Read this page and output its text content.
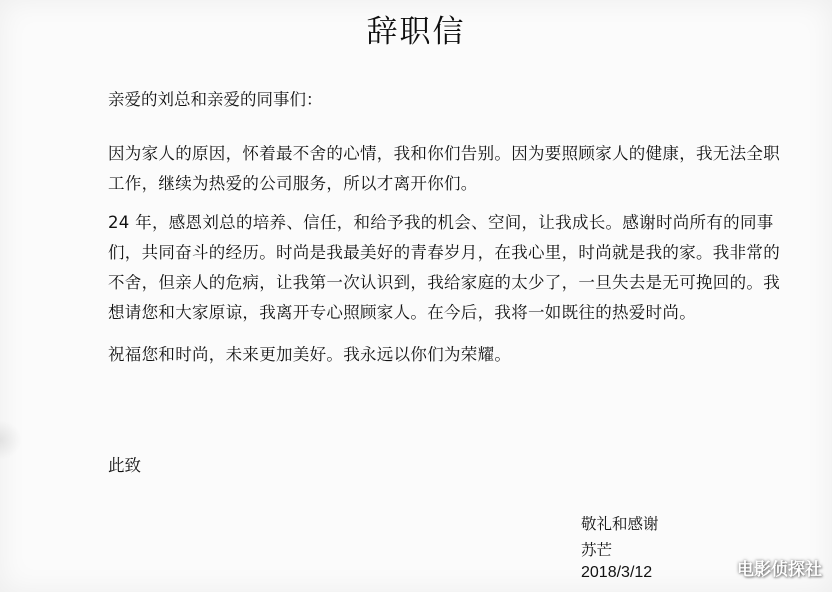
辞职信

亲爱的刘总和亲爱的同事们：

因为家人的原因，怀着最不舍的心情，我和你们告别。因为要照顾家人的健康，我无法全职工作，继续为热爱的公司服务，所以才离开你们。

24 年，感恩刘总的培养、信任，和给予我的机会、空间，让我成长。感谢时尚所有的同事们，共同奋斗的经历。时尚是我最美好的青春岁月，在我心里，时尚就是我的家。我非常的不舍，但亲人的危病，让我第一次认识到，我给家庭的太少了，一旦失去是无可挽回的。我想请您和大家原谅，我离开专心照顾家人。在今后，我将一如既往的热爱时尚。

祝福您和时尚，未来更加美好。我永远以你们为荣耀。

此致

敬礼和感谢

苏芒

2018/3/12	电影侦探社
